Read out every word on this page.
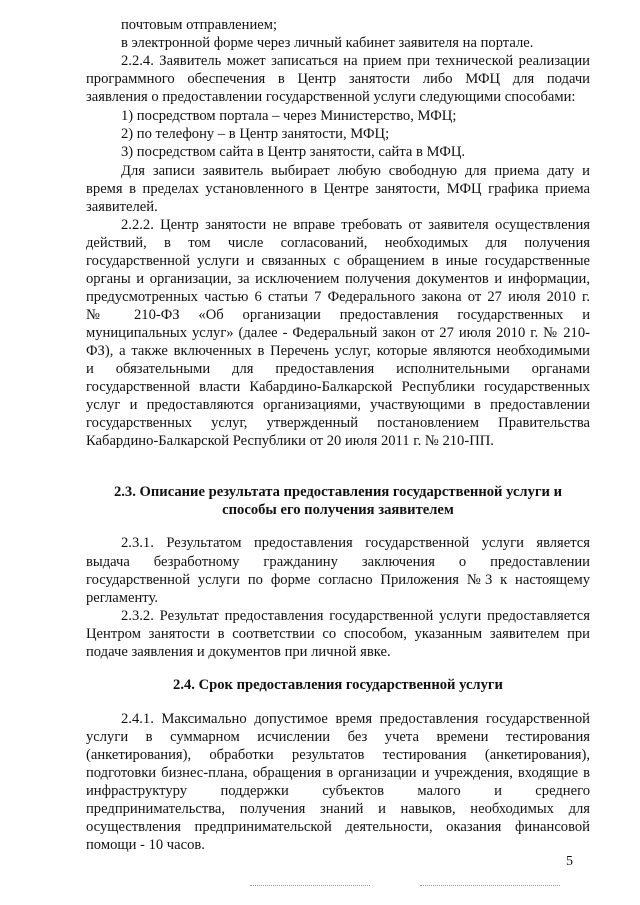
почтовым отправлением;
в электронной форме через личный кабинет заявителя на портале.
2.2.4. Заявитель может записаться на прием при технической реализации
программного обеспечения в Центр занятости либо МФЦ для подачи
заявления о предоставлении государственной услуги следующими способами:
1) посредством портала – через Министерство, МФЦ;
2) по телефону – в Центр занятости, МФЦ;
3) посредством сайта в Центр занятости, сайта в МФЦ.
Для записи заявитель выбирает любую свободную для приема дату и
время в пределах установленного в Центре занятости, МФЦ графика приема
заявителей.
2.2.2. Центр занятости не вправе требовать от заявителя осуществления
действий, в том числе согласований, необходимых для получения
государственной услуги и связанных с обращением в иные государственные
органы и организации, за исключением получения документов и информации,
предусмотренных частью 6 статьи 7 Федерального закона от 27 июля 2010 г.
№ 210-ФЗ «Об организации предоставления государственных и
муниципальных услуг» (далее - Федеральный закон от 27 июля 2010 г. № 210-
ФЗ), а также включенных в Перечень услуг, которые являются необходимыми
и обязательными для предоставления исполнительными органами
государственной власти Кабардино-Балкарской Республики государственных
услуг и предоставляются организациями, участвующими в предоставлении
государственных услуг, утвержденный постановлением Правительства
Кабардино-Балкарской Республики от 20 июля 2011 г. № 210-ПП.
2.3. Описание результата предоставления государственной услуги и
способы его получения заявителем
2.3.1. Результатом предоставления государственной услуги является
выдача безработному гражданину заключения о предоставлении
государственной услуги по форме согласно Приложения №3 к настоящему
регламенту.
2.3.2. Результат предоставления государственной услуги предоставляется
Центром занятости в соответствии со способом, указанным заявителем при
подаче заявления и документов при личной явке.
2.4. Срок предоставления государственной услуги
2.4.1. Максимально допустимое время предоставления государственной
услуги в суммарном исчислении без учета времени тестирования
(анкетирования), обработки результатов тестирования (анкетирования),
подготовки бизнес-плана, обращения в организации и учреждения, входящие в
инфраструктуру поддержки субъектов малого и среднего
предпринимательства, получения знаний и навыков, необходимых для
осуществления предпринимательской деятельности, оказания финансовой
помощи - 10 часов.
5
